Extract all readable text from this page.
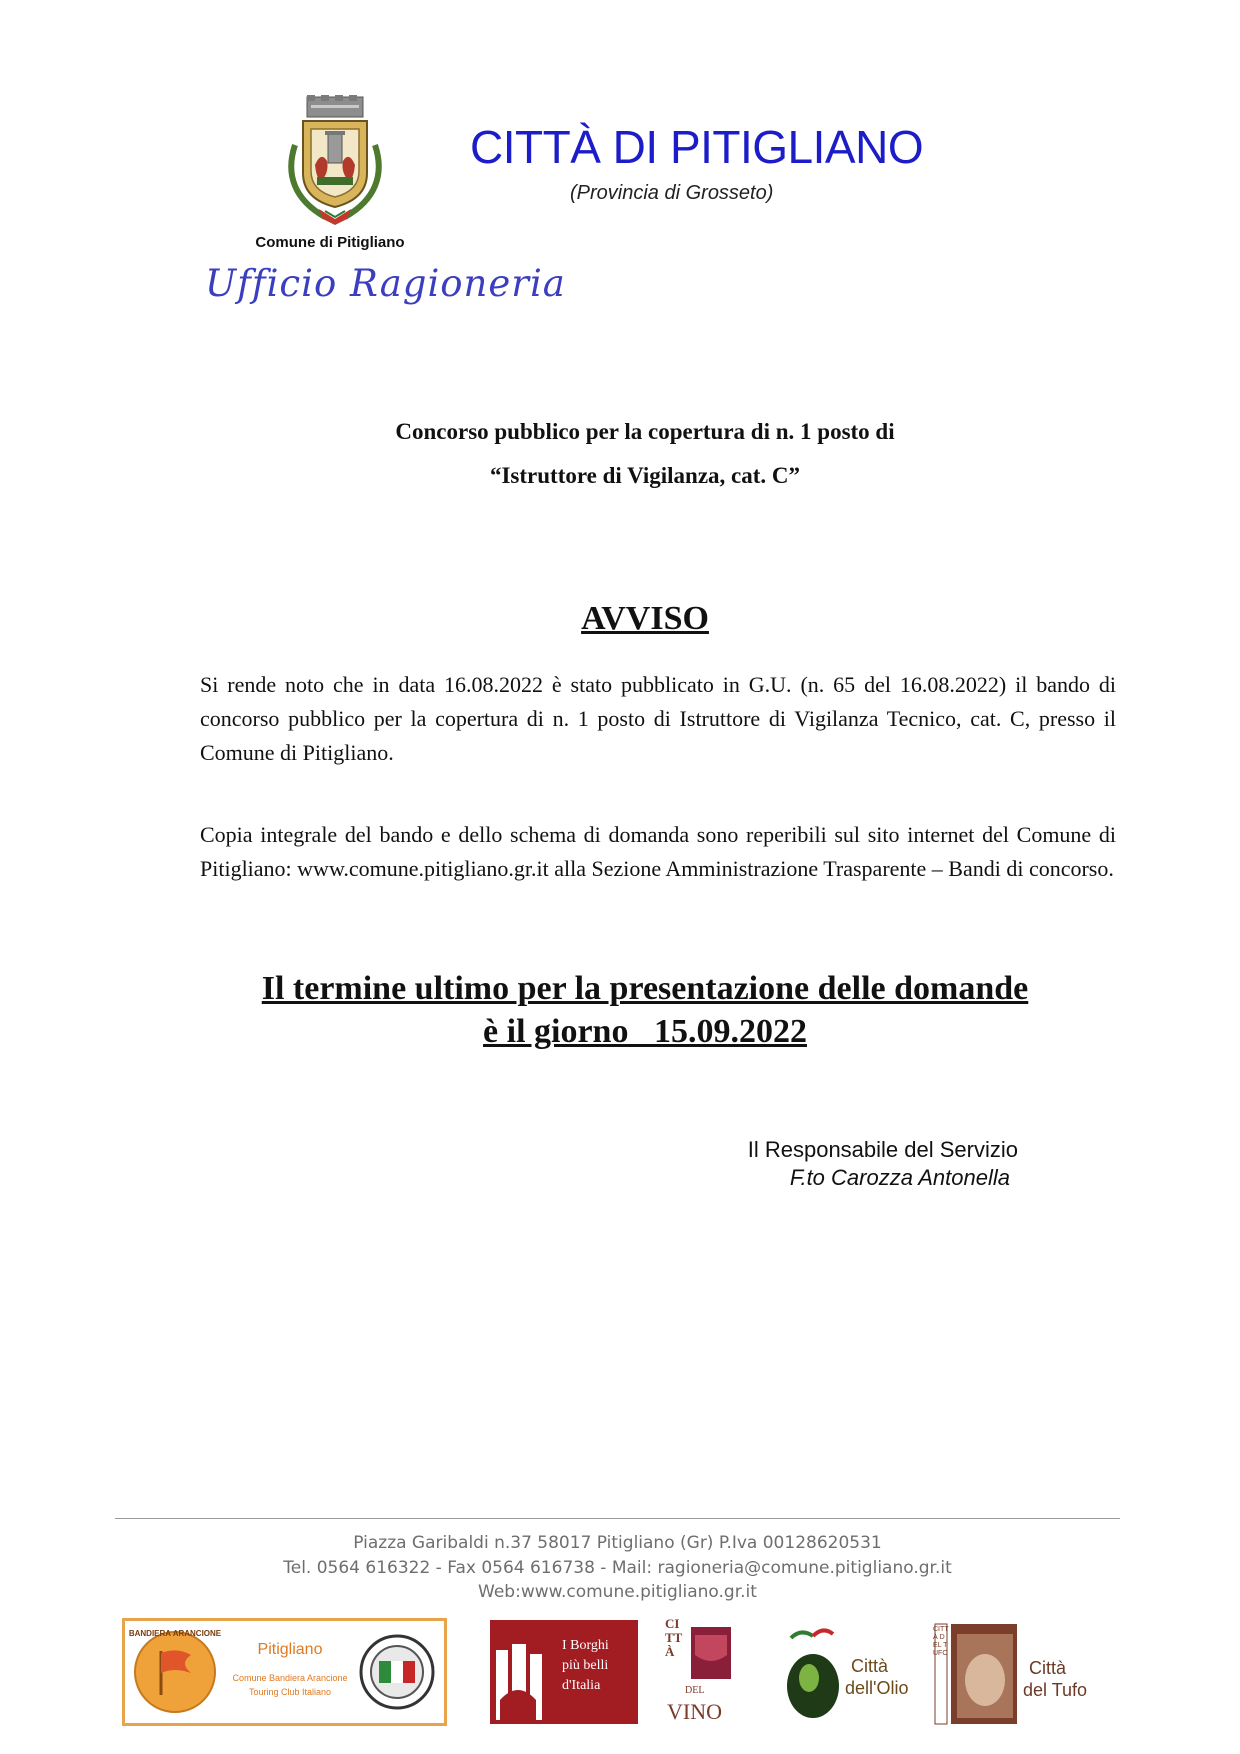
Comune di Pitigliano
Ufficio Ragioneria
CITTÀ DI PITIGLIANO
(Provincia di Grosseto)
Concorso pubblico per la copertura di n. 1 posto di
“Istruttore di Vigilanza, cat. C”
AVVISO
Si rende noto che in data 16.08.2022 è stato pubblicato in G.U. (n. 65 del 16.08.2022) il bando di concorso pubblico per la copertura di n. 1 posto di Istruttore di Vigilanza Tecnico, cat. C, presso il Comune di Pitigliano.
Copia integrale del bando e dello schema di domanda sono reperibili sul sito internet del Comune di Pitigliano: www.comune.pitigliano.gr.it alla Sezione Amministrazione Trasparente – Bandi di concorso.
Il termine ultimo per la presentazione delle domande
è il giorno   15.09.2022
Il Responsabile del Servizio
F.to Carozza Antonella
Piazza Garibaldi n.37 58017 Pitigliano (Gr) P.Iva 00128620531
Tel. 0564 616322 - Fax 0564 616738 - Mail: ragioneria@comune.pitigliano.gr.it
Web:www.comune.pitigliano.gr.it
BANDIERA ARANCIONE
Pitigliano
Comune Bandiera Arancione
Touring Club Italiano
I Borghi
più belli
d'Italia
CITTÀ
DEL
VINO
Città
dell'Olio
CITTÀ DEL TUFO
Città
del Tufo
